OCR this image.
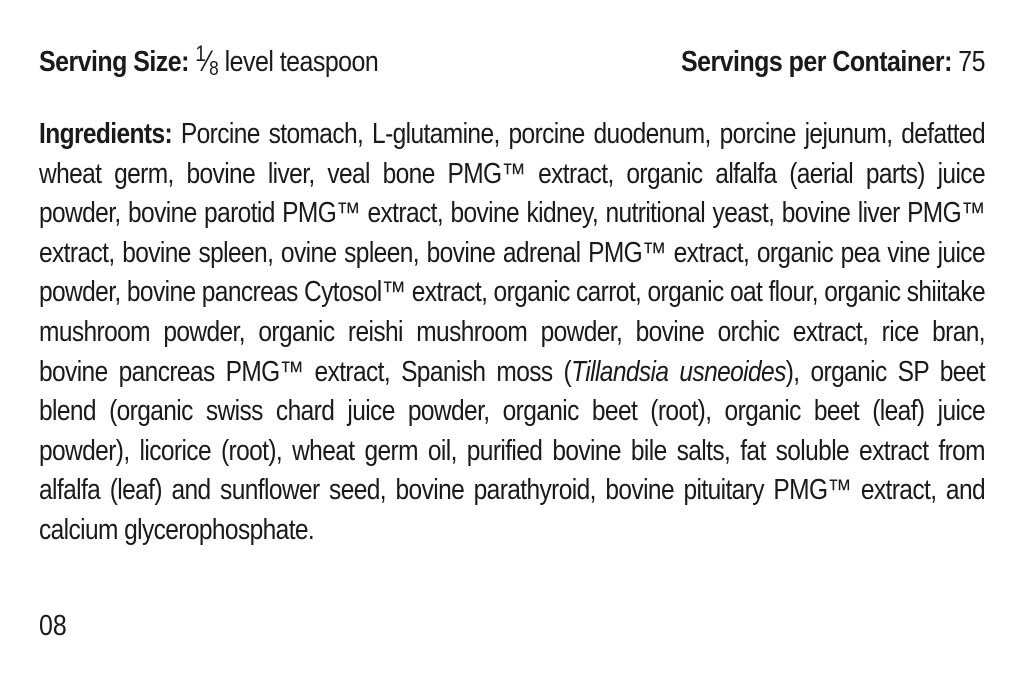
Serving Size: $^1⁄_8$ level teaspoon	Servings per Container: 75
Ingredients: Porcine stomach, L-glutamine, porcine duodenum, porcine jejunum, defatted wheat germ, bovine liver, veal bone PMG™ extract, organic alfalfa (aerial parts) juice powder, bovine parotid PMG™ extract, bovine kidney, nutritional yeast, bovine liver PMG™ extract, bovine spleen, ovine spleen, bovine adrenal PMG™ extract, organic pea vine juice powder, bovine pancreas Cytosol™ extract, organic carrot, organic oat flour, organic shiitake mushroom powder, organic reishi mushroom powder, bovine orchic extract, rice bran, bovine pancreas PMG™ extract, Spanish moss (Tillandsia usneoides), organic SP beet blend (organic swiss chard juice powder, organic beet (root), organic beet (leaf) juice powder), licorice (root), wheat germ oil, purified bovine bile salts, fat soluble extract from alfalfa (leaf) and sunflower seed, bovine parathyroid, bovine pituitary PMG™ extract, and calcium glycerophosphate.
08
